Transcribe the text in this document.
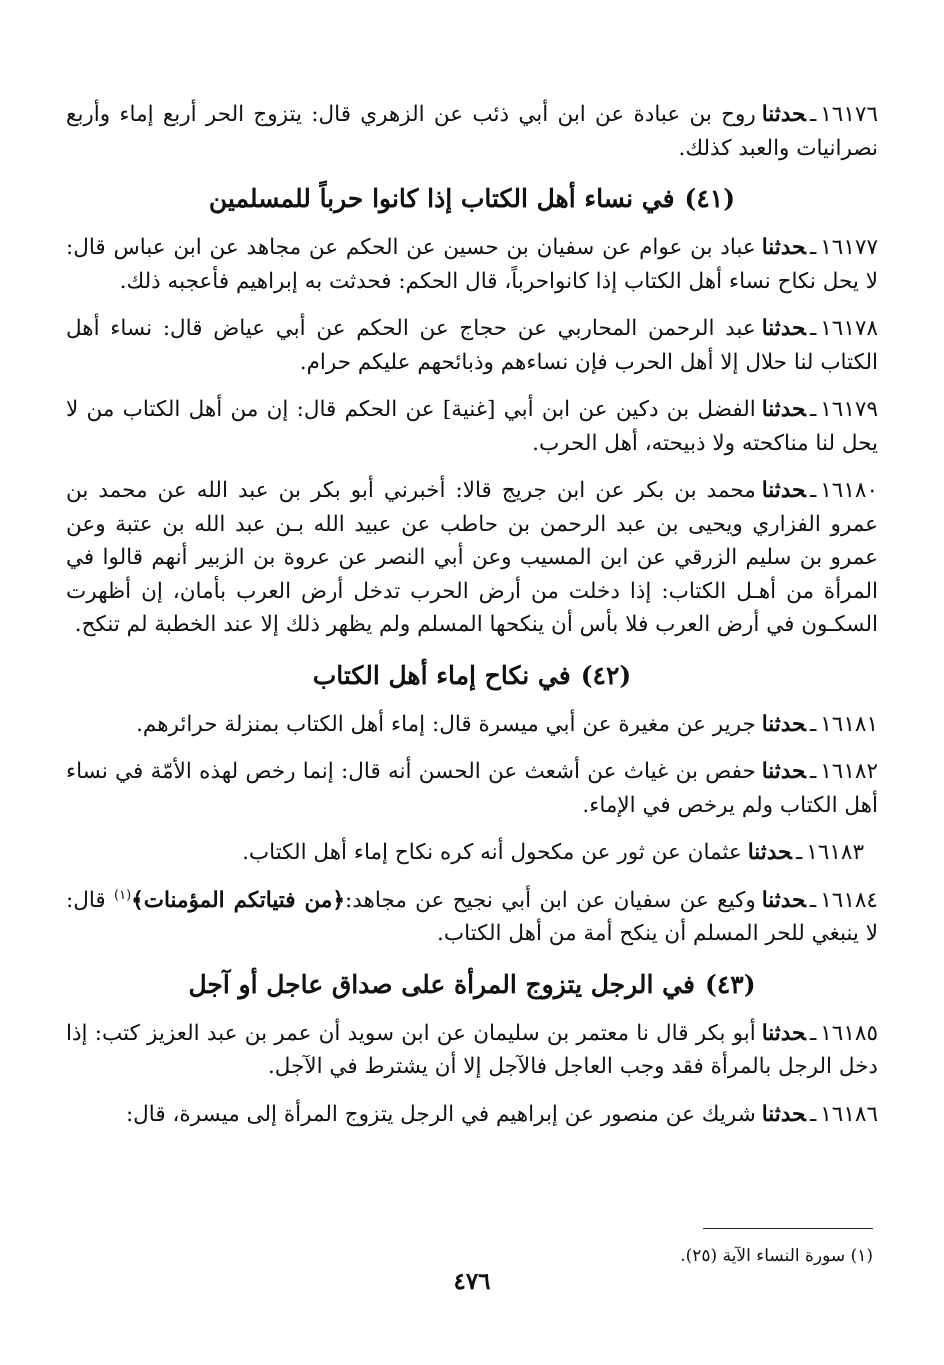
١٦١٧٦ـحدثناروح بن عبادة عن ابن أبي ذئب عن الزهري قال: يتزوج الحر أربع إماء وأربع نصرانيات والعبد كذلك.

(٤١)في نساء أهل الكتاب إذا كانوا حرباً للمسلمين

١٦١٧٧ـحدثناعباد بن عوام عن سفيان بن حسين عن الحكم عن مجاهد عن ابن عباس قال: لا يحل نكاح نساء أهل الكتاب إذا كانواحرباً، قال الحكم: فحدثت به إبراهيم فأعجبه ذلك.

١٦١٧٨ـحدثناعبد الرحمن المحاربي عن حجاج عن الحكم عن أبي عياض قال: نساء أهل الكتاب لنا حلال إلا أهل الحرب فإن نساءهم وذبائحهم عليكم حرام.

١٦١٧٩ـحدثناالفضل بن دكين عن ابن أبي [غنية] عن الحكم قال: إن من أهل الكتاب من لا يحل لنا مناكحته ولا ذبيحته، أهل الحرب.

١٦١٨٠ـحدثنامحمد بن بكر عن ابن جريج قالا: أخبرني أبو بكر بن عبد الله عن محمد بن عمرو الفزاري ويحيى بن عبد الرحمن بن حاطب عن عبيد الله بـن عبد الله بن عتبة وعن عمرو بن سليم الزرقي عن ابن المسيب وعن أبي النصر عن عروة بن الزبير أنهم قالوا في المرأة من أهـل الكتاب: إذا دخلت من أرض الحرب تدخل أرض العرب بأمان، إن أظهرت السكـون في أرض العرب فلا بأس أن ينكحها المسلم ولم يظهر ذلك إلا عند الخطبة لم تنكح.

(٤٢)في نكاح إماء أهل الكتاب

١٦١٨١ـحدثناجرير عن مغيرة عن أبي ميسرة قال: إماء أهل الكتاب بمنزلة حرائرهم.

١٦١٨٢ـحدثناحفص بن غياث عن أشعث عن الحسن أنه قال: إنما رخص لهذه الأمّة في نساء أهل الكتاب ولم يرخص في الإماء.

١٦١٨٣ـحدثناعثمان عن ثور عن مكحول أنه كره نكاح إماء أهل الكتاب.

١٦١٨٤ـحدثناوكيع عن سفيان عن ابن أبي نجيح عن مجاهد:﴿من فتياتكم المؤمنات﴾$^{(١)}$ قال: لا ينبغي للحر المسلم أن ينكح أمة من أهل الكتاب.

(٤٣)في الرجل يتزوج المرأة على صداق عاجل أو آجل

١٦١٨٥ـحدثناأبو بكر قال نا معتمر بن سليمان عن ابن سويد أن عمر بن عبد العزيز كتب: إذا دخل الرجل بالمرأة فقد وجب العاجل فالآجل إلا أن يشترط في الآجل.

١٦١٨٦ـحدثناشريك عن منصور عن إبراهيم في الرجل يتزوج المرأة إلى ميسرة، قال:

(١) سورة النساء الآية (٢٥).
٤٧٦
